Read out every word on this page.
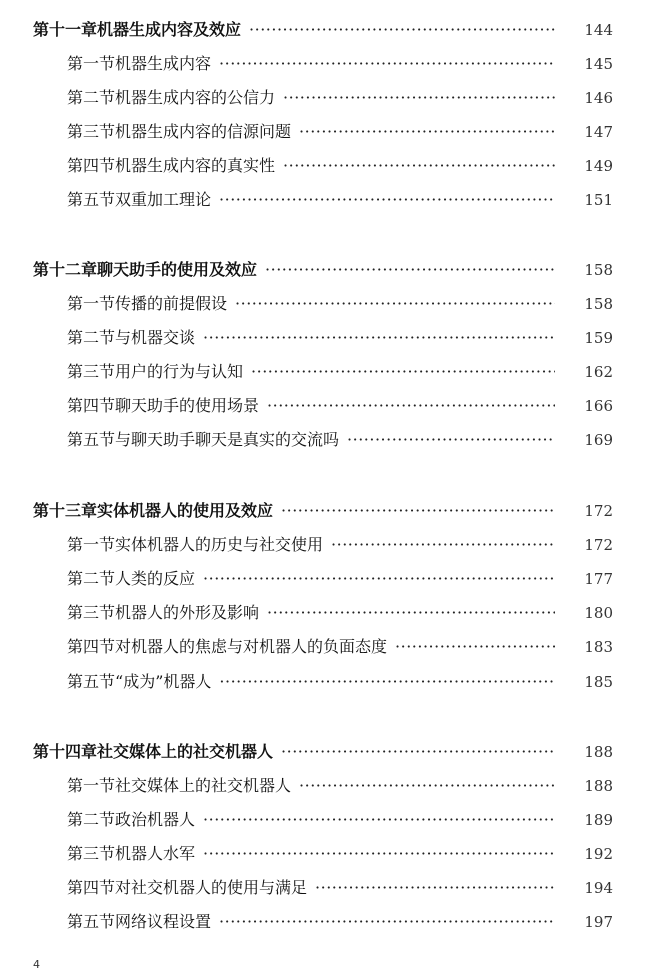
第十一章 机器生成内容及效应 ·····	144
第一节 机器生成内容 ·····	145
第二节 机器生成内容的公信力 ·····	146
第三节 机器生成内容的信源问题 ·····	147
第四节 机器生成内容的真实性 ·····	149
第五节 双重加工理论 ·····	151
第十二章 聊天助手的使用及效应 ·····	158
第一节 传播的前提假设 ·····	158
第二节 与机器交谈 ·····	159
第三节 用户的行为与认知 ·····	162
第四节 聊天助手的使用场景 ·····	166
第五节 与聊天助手聊天是真实的交流吗 ·····	169
第十三章 实体机器人的使用及效应 ·····	172
第一节 实体机器人的历史与社交使用 ·····	172
第二节 人类的反应 ·····	177
第三节 机器人的外形及影响 ·····	180
第四节 对机器人的焦虑与对机器人的负面态度 ·····	183
第五节 “成为”机器人 ·····	185
第十四章 社交媒体上的社交机器人 ·····	188
第一节 社交媒体上的社交机器人 ·····	188
第二节 政治机器人 ·····	189
第三节 机器人水军 ·····	192
第四节 对社交机器人的使用与满足 ·····	194
第五节 网络议程设置 ·····	197
4
